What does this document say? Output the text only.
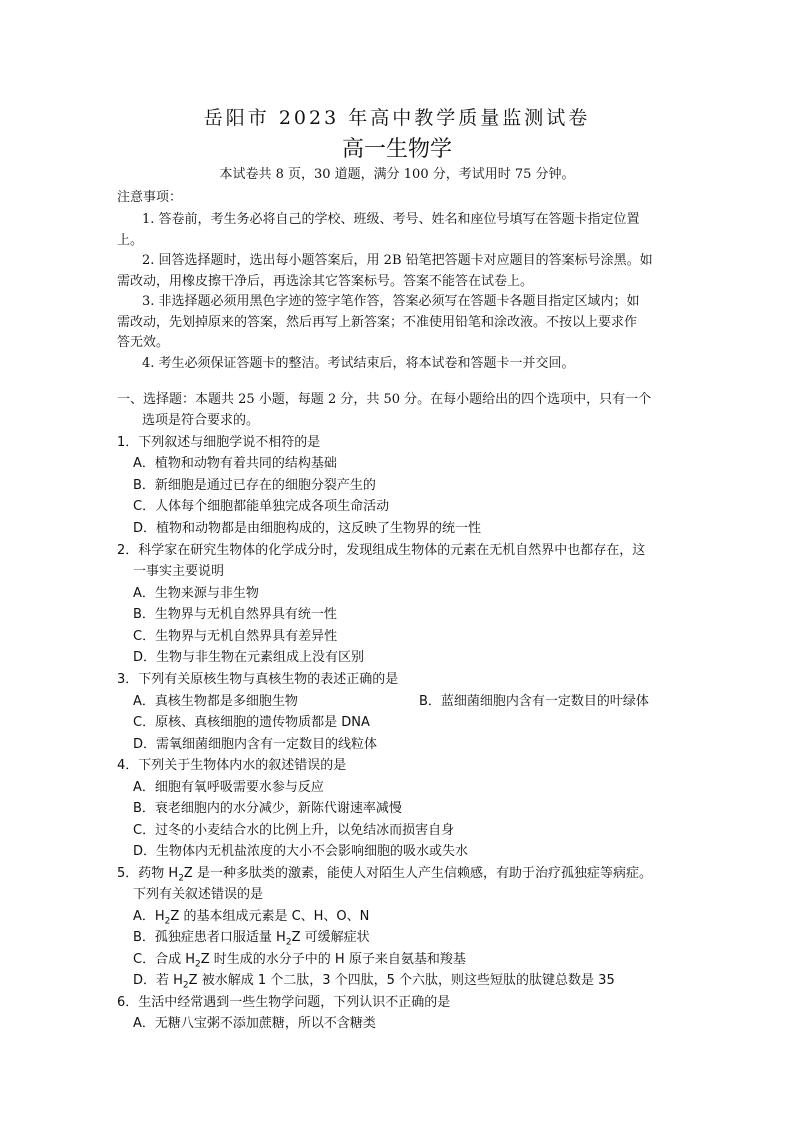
岳阳市 2023 年高中教学质量监测试卷
高一生物学
本试卷共 8 页，30 道题，满分 100 分，考试用时 75 分钟。
注意事项：
1. 答卷前，考生务必将自己的学校、班级、考号、姓名和座位号填写在答题卡指定位置
上。
2. 回答选择题时，选出每小题答案后，用 2B 铅笔把答题卡对应题目的答案标号涂黑。如
需改动，用橡皮擦干净后，再选涂其它答案标号。答案不能答在试卷上。
3. 非选择题必须用黑色字迹的签字笔作答，答案必须写在答题卡各题目指定区域内；如
需改动，先划掉原来的答案，然后再写上新答案；不准使用铅笔和涂改液。不按以上要求作
答无效。
4. 考生必须保证答题卡的整洁。考试结束后，将本试卷和答题卡一并交回。
一、选择题：本题共 25 小题，每题 2 分，共 50 分。在每小题给出的四个选项中，只有一个
选项是符合要求的。
1．下列叙述与细胞学说不相符的是
A．植物和动物有着共同的结构基础
B．新细胞是通过已存在的细胞分裂产生的
C．人体每个细胞都能单独完成各项生命活动
D．植物和动物都是由细胞构成的，这反映了生物界的统一性
2．科学家在研究生物体的化学成分时，发现组成生物体的元素在无机自然界中也都存在，这
一事实主要说明
A．生物来源与非生物
B．生物界与无机自然界具有统一性
C．生物界与无机自然界具有差异性
D．生物与非生物在元素组成上没有区别
3．下列有关原核生物与真核生物的表述正确的是
A．真核生物都是多细胞生物	B．蓝细菌细胞内含有一定数目的叶绿体
C．原核、真核细胞的遗传物质都是 DNA
D．需氧细菌细胞内含有一定数目的线粒体
4．下列关于生物体内水的叙述错误的是
A．细胞有氧呼吸需要水参与反应
B．衰老细胞内的水分减少，新陈代谢速率减慢
C．过冬的小麦结合水的比例上升，以免结冰而损害自身
D．生物体内无机盐浓度的大小不会影响细胞的吸水或失水
5．药物 $H_2Z$ 是一种多肽类的激素，能使人对陌生人产生信赖感，有助于治疗孤独症等病症。
下列有关叙述错误的是
A．$H_2Z$ 的基本组成元素是 C、H、O、N
B．孤独症患者口服适量 $H_2Z$ 可缓解症状
C．合成 $H_2Z$ 时生成的水分子中的 H 原子来自氨基和羧基
D．若 $H_2Z$ 被水解成 1 个二肽，3 个四肽，5 个六肽，则这些短肽的肽键总数是 35
6．生活中经常遇到一些生物学问题，下列认识不正确的是
A．无糖八宝粥不添加蔗糖，所以不含糖类
